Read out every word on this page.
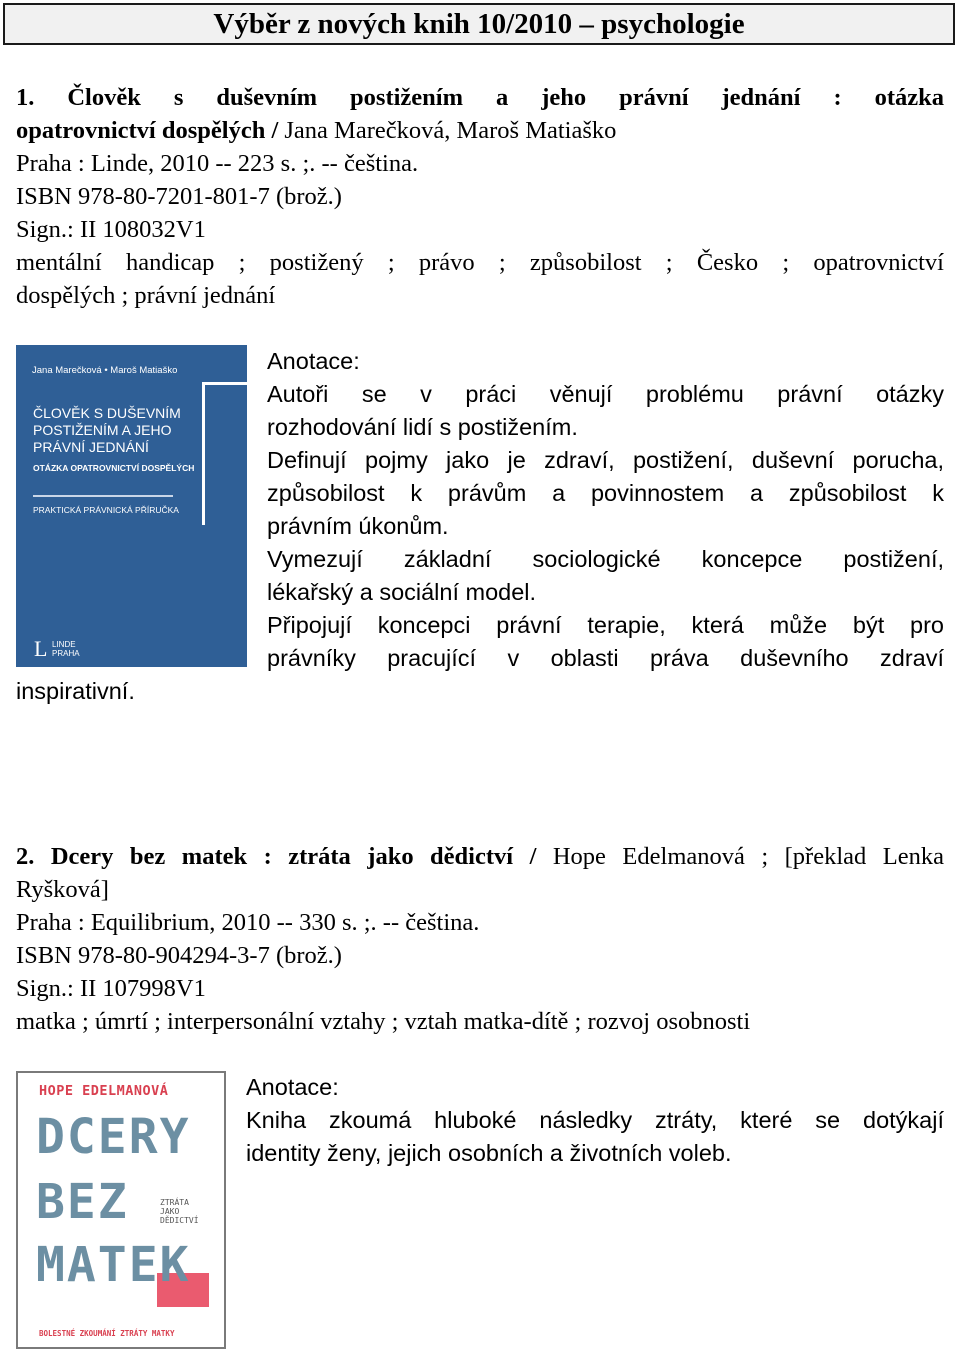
Výběr z nových knih 10/2010 – psychologie
1. Člověk s duševním postižením a jeho právní jednání : otázka
opatrovnictví dospělých / Jana Marečková, Maroš Matiaško
Praha : Linde, 2010 -- 223 s. ;. -- čeština.
ISBN 978-80-7201-801-7 (brož.)
Sign.: II 108032V1
mentální handicap ; postižený ; právo ; způsobilost ; Česko ; opatrovnictví
dospělých ; právní jednání
Jana Marečková • Maroš Matiaško
ČLOVĚK S DUŠEVNÍM
POSTIŽENÍM A JEHO
PRÁVNÍ JEDNÁNÍ
OTÁZKA OPATROVNICTVÍ DOSPĚLÝCH
PRAKTICKÁ PRÁVNICKÁ PŘÍRUČKA
L LINDE
PRAHA
Anotace:
Autoři se v práci věnují problému právní otázky
rozhodování lidí s postižením.
Definují pojmy jako je zdraví, postižení, duševní porucha,
způsobilost k právům a povinnostem a způsobilost k
právním úkonům.
Vymezují základní sociologické koncepce postižení,
lékařský a sociální model.
Připojují koncepci právní terapie, která může být pro
právníky pracující v oblasti práva duševního zdraví
inspirativní.
2. Dcery bez matek : ztráta jako dědictví / Hope Edelmanová ; [překlad Lenka
Ryšková]
Praha : Equilibrium, 2010 -- 330 s. ;. -- čeština.
ISBN 978-80-904294-3-7 (brož.)
Sign.: II 107998V1
matka ; úmrtí ; interpersonální vztahy ; vztah matka-dítě ; rozvoj osobnosti
HOPE EDELMANOVÁ
DCERY
BEZ	ZTRÁTA
JAKO
DĚDICTVÍ
MATEK
BOLESTNÉ ZKOUMÁNÍ ZTRÁTY MATKY
Anotace:
Kniha zkoumá hluboké následky ztráty, které se dotýkají
identity ženy, jejich osobních a životních voleb.
